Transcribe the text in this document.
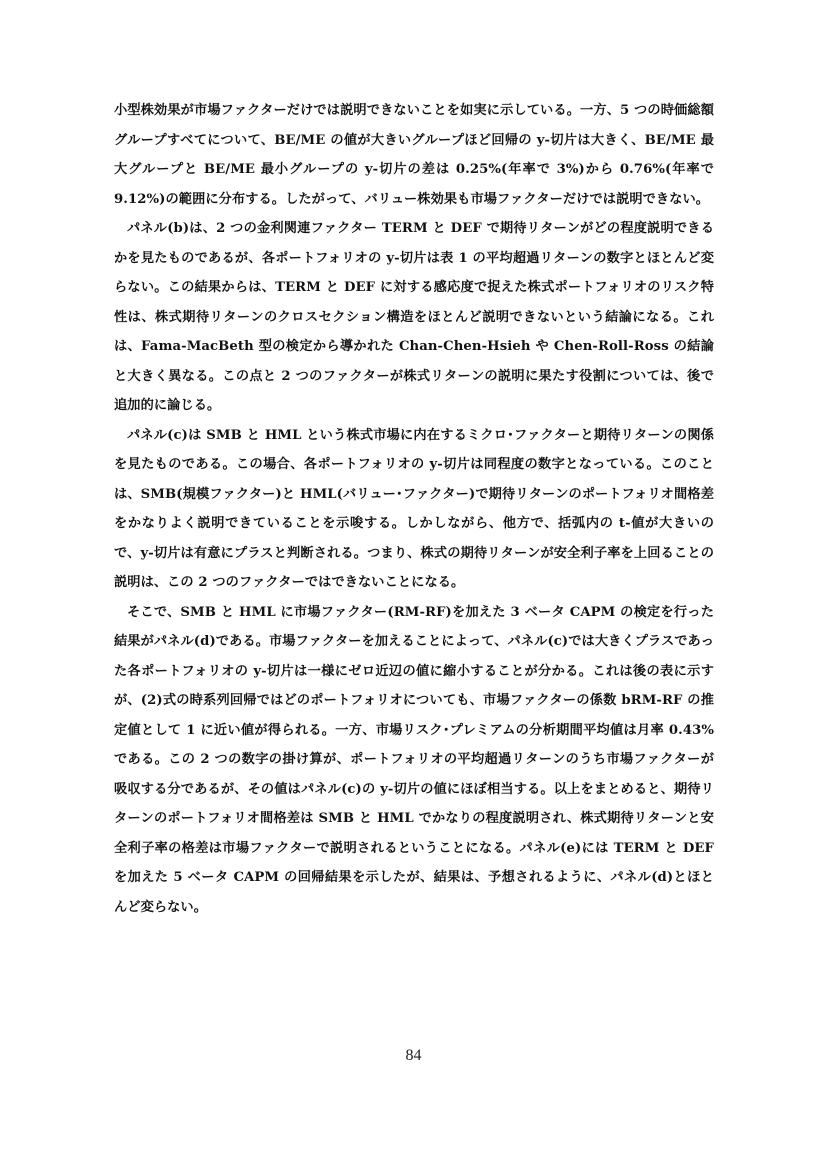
小型株効果が市場ファクターだけでは説明できないことを如実に示している。一方、5 つの時価総額グループすべてについて、BE/ME の値が大きいグループほど回帰の y-切片は大きく、BE/ME 最大グループと BE/ME 最小グループの y-切片の差は 0.25%(年率で 3%)から 0.76%(年率で 9.12%)の範囲に分布する。したがって、バリュー株効果も市場ファクターだけでは説明できない。

パネル(b)は、2 つの金利関連ファクター TERM と DEF で期待リターンがどの程度説明できるかを見たものであるが、各ポートフォリオの y-切片は表 1 の平均超過リターンの数字とほとんど変らない。この結果からは、TERM と DEF に対する感応度で捉えた株式ポートフォリオのリスク特性は、株式期待リターンのクロスセクション構造をほとんど説明できないという結論になる。これは、Fama-MacBeth 型の検定から導かれた Chan-Chen-Hsieh や Chen-Roll-Ross の結論と大きく異なる。この点と 2 つのファクターが株式リターンの説明に果たす役割については、後で追加的に論じる。

パネル(c)は SMB と HML という株式市場に内在するミクロ･ファクターと期待リターンの関係を見たものである。この場合、各ポートフォリオの y-切片は同程度の数字となっている。このことは、SMB(規模ファクター)と HML(バリュー･ファクター)で期待リターンのポートフォリオ間格差をかなりよく説明できていることを示唆する。しかしながら、他方で、括弧内の t-値が大きいので、y-切片は有意にプラスと判断される。つまり、株式の期待リターンが安全利子率を上回ることの説明は、この 2 つのファクターではできないことになる。

そこで、SMB と HML に市場ファクター(RM-RF)を加えた 3 ベータ CAPM の検定を行った結果がパネル(d)である。市場ファクターを加えることによって、パネル(c)では大きくプラスであった各ポートフォリオの y-切片は一様にゼロ近辺の値に縮小することが分かる。これは後の表に示すが、(2)式の時系列回帰ではどのポートフォリオについても、市場ファクターの係数 bRM-RF の推定値として 1 に近い値が得られる。一方、市場リスク･プレミアムの分析期間平均値は月率 0.43%である。この 2 つの数字の掛け算が、ポートフォリオの平均超過リターンのうち市場ファクターが吸収する分であるが、その値はパネル(c)の y-切片の値にほぼ相当する。以上をまとめると、期待リターンのポートフォリオ間格差は SMB と HML でかなりの程度説明され、株式期待リターンと安全利子率の格差は市場ファクターで説明されるということになる。パネル(e)には TERM と DEF を加えた 5 ベータ CAPM の回帰結果を示したが、結果は、予想されるように、パネル(d)とほとんど変らない。

84
